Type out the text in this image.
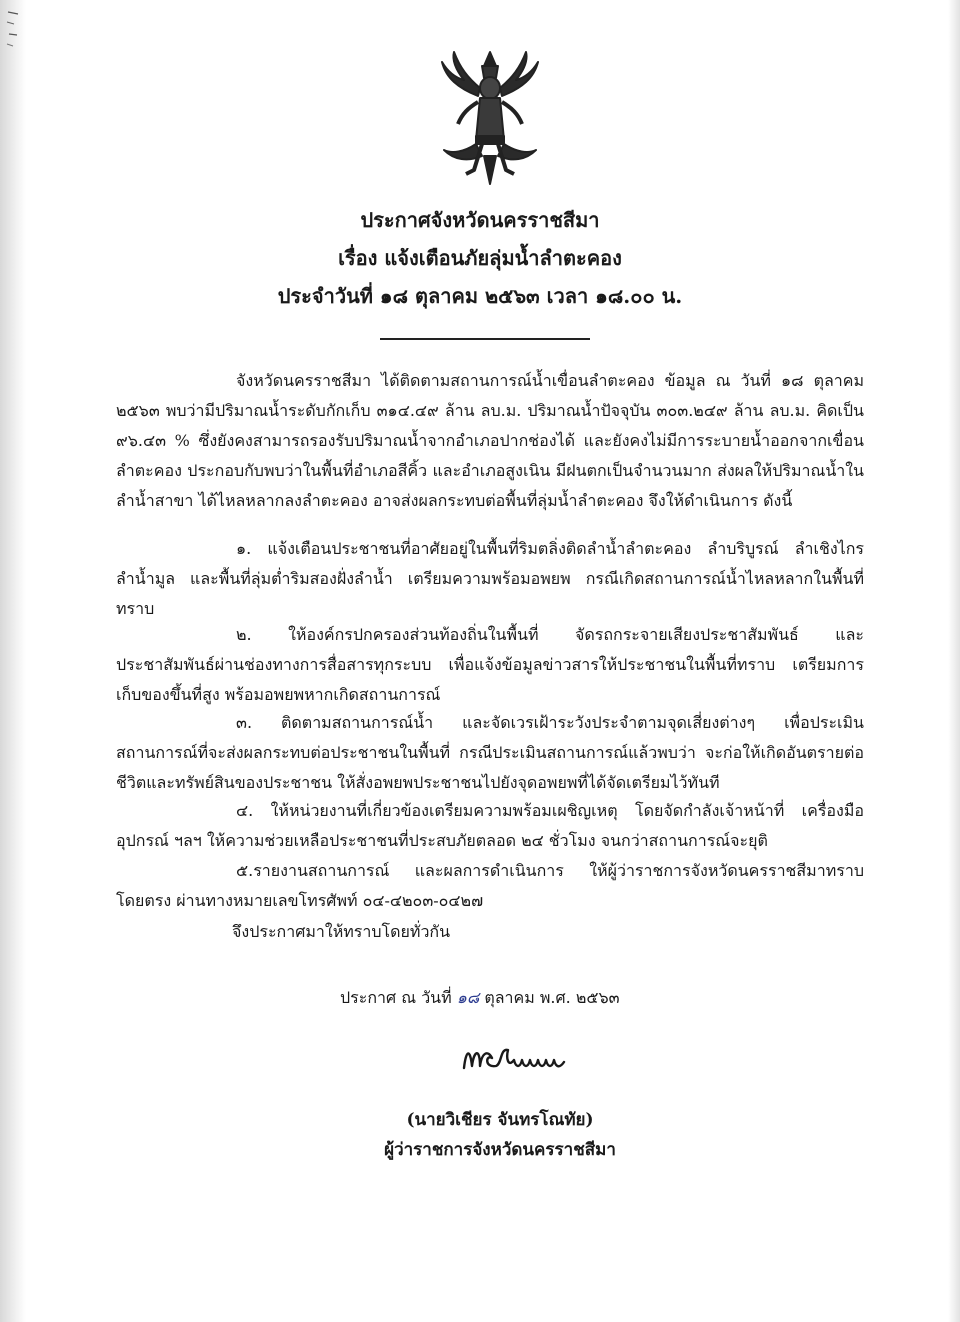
ประกาศจังหวัดนครราชสีมา
เรื่อง แจ้งเตือนภัยลุ่มน้ำลำตะคอง
ประจำวันที่ ๑๘ ตุลาคม ๒๕๖๓ เวลา ๑๘.๐๐ น.
จังหวัดนครราชสีมา ได้ติดตามสถานการณ์น้ำเขื่อนลำตะคอง ข้อมูล ณ วันที่ ๑๘ ตุลาคม ๒๕๖๓ พบว่ามีปริมาณน้ำระดับกักเก็บ ๓๑๔.๔๙ ล้าน ลบ.ม. ปริมาณน้ำปัจจุบัน ๓๐๓.๒๔๙ ล้าน ลบ.ม. คิดเป็น ๙๖.๔๓ % ซึ่งยังคงสามารถรองรับปริมาณน้ำจากอำเภอปากช่องได้ และยังคงไม่มีการระบายน้ำออกจากเขื่อนลำตะคอง ประกอบกับพบว่าในพื้นที่อำเภอสีคิ้ว และอำเภอสูงเนิน มีฝนตกเป็นจำนวนมาก ส่งผลให้ปริมาณน้ำในลำน้ำสาขา ได้ไหลหลากลงลำตะคอง อาจส่งผลกระทบต่อพื้นที่ลุ่มน้ำลำตะคอง จึงให้ดำเนินการ ดังนี้
๑. แจ้งเตือนประชาชนที่อาศัยอยู่ในพื้นที่ริมตลิ่งติดลำน้ำลำตะคอง ลำบริบูรณ์ ลำเชิงไกร ลำน้ำมูล และพื้นที่ลุ่มต่ำริมสองฝั่งลำน้ำ เตรียมความพร้อมอพยพ กรณีเกิดสถานการณ์น้ำไหลหลากในพื้นที่ทราบ
๒. ให้องค์กรปกครองส่วนท้องถิ่นในพื้นที่ จัดรถกระจายเสียงประชาสัมพันธ์ และประชาสัมพันธ์ผ่านช่องทางการสื่อสารทุกระบบ เพื่อแจ้งข้อมูลข่าวสารให้ประชาชนในพื้นที่ทราบ เตรียมการเก็บของขึ้นที่สูง พร้อมอพยพหากเกิดสถานการณ์
๓. ติดตามสถานการณ์น้ำ และจัดเวรเฝ้าระวังประจำตามจุดเสี่ยงต่างๆ เพื่อประเมินสถานการณ์ที่จะส่งผลกระทบต่อประชาชนในพื้นที่ กรณีประเมินสถานการณ์แล้วพบว่า จะก่อให้เกิดอันตรายต่อชีวิตและทรัพย์สินของประชาชน ให้สั่งอพยพประชาชนไปยังจุดอพยพที่ได้จัดเตรียมไว้ทันที
๔. ให้หน่วยงานที่เกี่ยวข้องเตรียมความพร้อมเผชิญเหตุ โดยจัดกำลังเจ้าหน้าที่ เครื่องมืออุปกรณ์ ฯลฯ ให้ความช่วยเหลือประชาชนที่ประสบภัยตลอด ๒๔ ชั่วโมง จนกว่าสถานการณ์จะยุติ
๕.รายงานสถานการณ์ และผลการดำเนินการ ให้ผู้ว่าราชการจังหวัดนครราชสีมาทราบโดยตรง ผ่านทางหมายเลขโทรศัพท์ ๐๔-๔๒๐๓-๐๔๒๗
จึงประกาศมาให้ทราบโดยทั่วกัน
ประกาศ ณ วันที่ ๑๘ ตุลาคม พ.ศ. ๒๕๖๓
(นายวิเชียร จันทรโณทัย)
ผู้ว่าราชการจังหวัดนครราชสีมา
